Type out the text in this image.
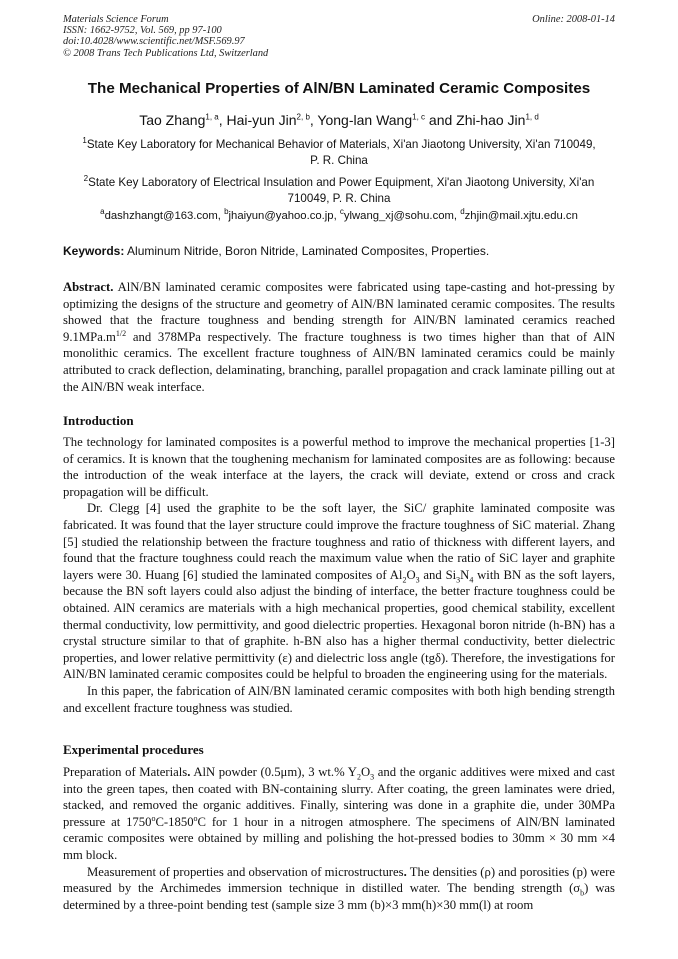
Materials Science Forum
ISSN: 1662-9752, Vol. 569, pp 97-100
doi:10.4028/www.scientific.net/MSF.569.97
© 2008 Trans Tech Publications Ltd, Switzerland
Online: 2008-01-14
The Mechanical Properties of AlN/BN Laminated Ceramic Composites
Tao Zhang$^{1, a}$, Hai-yun Jin$^{2, b}$, Yong-lan Wang$^{1, c}$ and Zhi-hao Jin$^{1, d}$
$^1$State Key Laboratory for Mechanical Behavior of Materials, Xi'an Jiaotong University, Xi'an 710049,
P. R. China
$^2$State Key Laboratory of Electrical Insulation and Power Equipment, Xi'an Jiaotong University, Xi'an
710049, P. R. China
$^a$dashzhangt@163.com, $^b$jhaiyun@yahoo.co.jp, $^c$ylwang_xj@sohu.com, $^d$zhjin@mail.xjtu.edu.cn
Keywords: Aluminum Nitride, Boron Nitride, Laminated Composites, Properties.
Abstract. AlN/BN laminated ceramic composites were fabricated using tape-casting and hot-pressing by optimizing the designs of the structure and geometry of AlN/BN laminated ceramic composites. The results showed that the fracture toughness and bending strength for AlN/BN laminated ceramics reached $9.1MPa.m^{1/2}$ and 378MPa respectively. The fracture toughness is two times higher than that of AlN monolithic ceramics. The excellent fracture toughness of AlN/BN laminated ceramics could be mainly attributed to crack deflection, delaminating, branching, parallel propagation and crack laminate pilling out at the AlN/BN weak interface.
Introduction

The technology for laminated composites is a powerful method to improve the mechanical properties [1-3] of ceramics. It is known that the toughening mechanism for laminated composites are as following: because the introduction of the weak interface at the layers, the crack will deviate, extend or cross and crack propagation will be difficult.

Dr. Clegg [4] used the graphite to be the soft layer, the SiC/ graphite laminated composite was fabricated. It was found that the layer structure could improve the fracture toughness of SiC material. Zhang [5] studied the relationship between the fracture toughness and ratio of thickness with different layers, and found that the fracture toughness could reach the maximum value when the ratio of SiC layer and graphite layers were 30. Huang [6] studied the laminated composites of $Al_2O_3$ and $Si_3N_4$ with BN as the soft layers, because the BN soft layers could also adjust the binding of interface, the better fracture toughness could be obtained. AlN ceramics are materials with a high mechanical properties, good chemical stability, excellent thermal conductivity, low permittivity, and good dielectric properties. Hexagonal boron nitride (h-BN) has a crystal structure similar to that of graphite. h-BN also has a higher thermal conductivity, better dielectric properties, and lower relative permittivity (ε) and dielectric loss angle (tgδ). Therefore, the investigations for AlN/BN laminated ceramic composites could be helpful to broaden the engineering using for the materials.

In this paper, the fabrication of AlN/BN laminated ceramic composites with both high bending strength and excellent fracture toughness was studied.

Experimental procedures

Preparation of Materials. AlN powder (0.5μm), 3 wt.% $Y_2O_3$ and the organic additives were mixed and cast into the green tapes, then coated with BN-containing slurry. After coating, the green laminates were dried, stacked, and removed the organic additives. Finally, sintering was done in a graphite die, under 30MPa pressure at 1750$^o$C-1850$^o$C for 1 hour in a nitrogen atmosphere. The specimens of AlN/BN laminated ceramic composites were obtained by milling and polishing the hot-pressed bodies to 30mm × 30 mm ×4 mm block.

Measurement of properties and observation of microstructures. The densities (ρ) and porosities (p) were measured by the Archimedes immersion technique in distilled water. The bending strength $(\sigma_b)$ was determined by a three-point bending test (sample size 3 mm (b)×3 mm(h)×30 mm(l) at room
